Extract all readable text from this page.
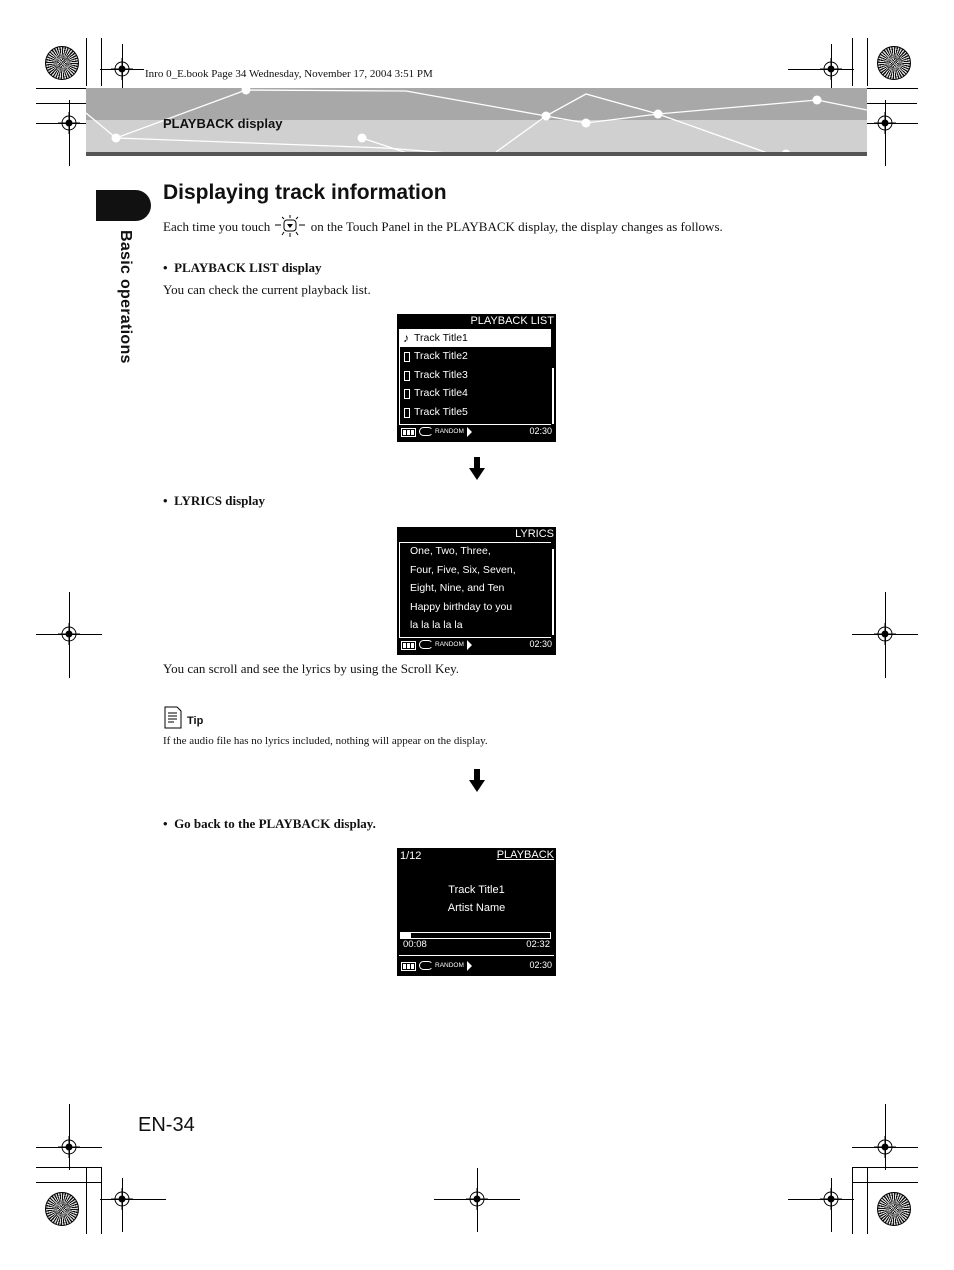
Inro 0_E.book Page 34 Wednesday, November 17, 2004 3:51 PM
PLAYBACK display
Basic operations
Displaying track information
Each time you touch	on the Touch Panel in the PLAYBACK display, the display changes as follows.
•  PLAYBACK LIST display
You can check the current playback list.
PLAYBACK LIST
♪ Track Title1
Track Title2
Track Title3
Track Title4
Track Title5
RANDOM	02:30
•  LYRICS display
LYRICS
One, Two, Three,
Four, Five, Six, Seven,
Eight, Nine, and Ten
Happy birthday to you
la la la la la
RANDOM	02:30
You can scroll and see the lyrics by using the Scroll Key.
Tip
If the audio file has no lyrics included, nothing will appear on the display.
•  Go back to the PLAYBACK display.
1/12	PLAYBACK
Track Title1
Artist Name
00:08	02:32
RANDOM	02:30
EN-34
